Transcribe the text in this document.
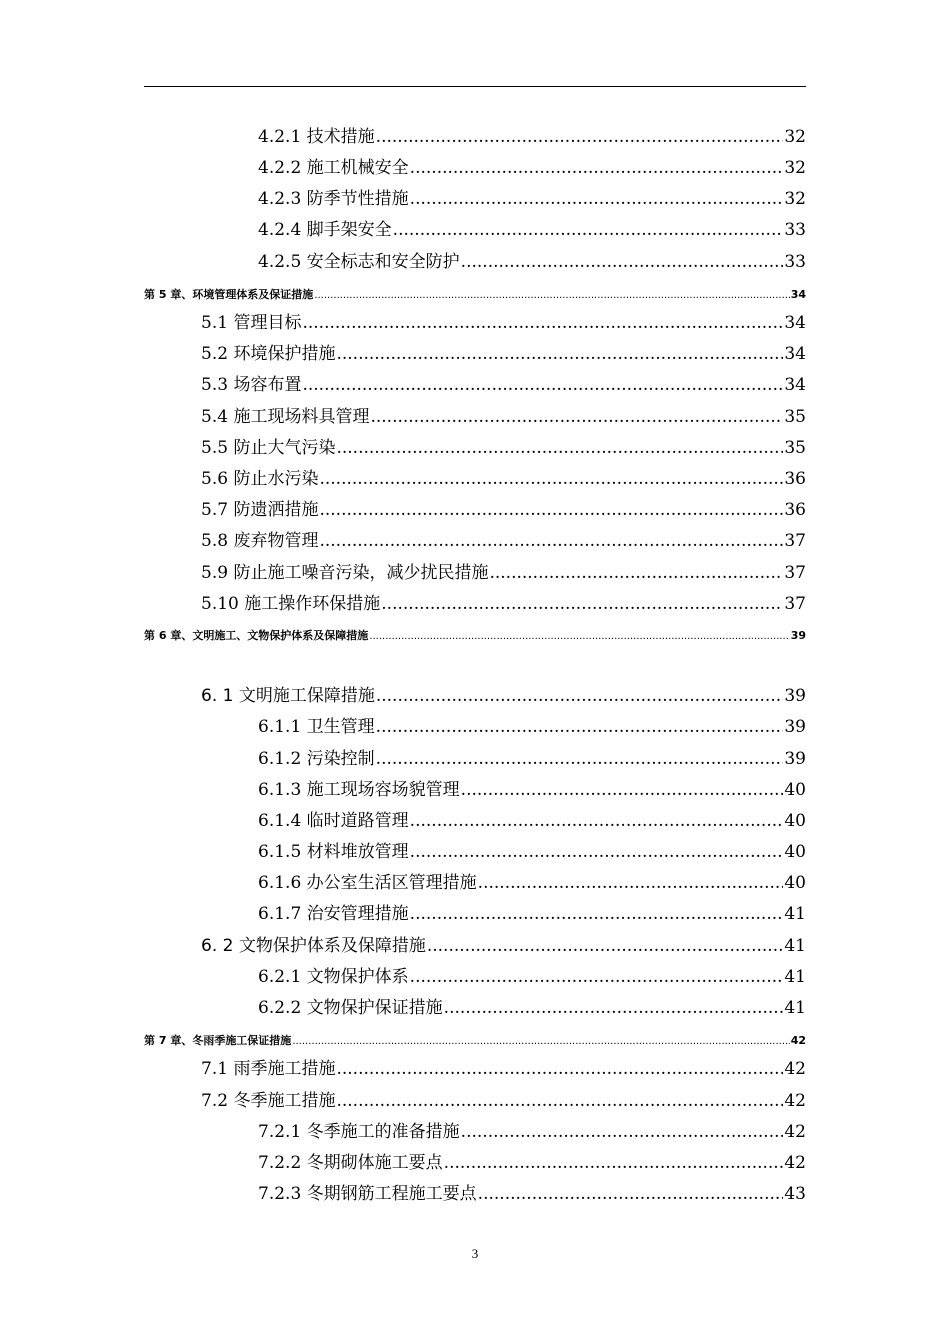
4.2.1 技术措施 .....	32
4.2.2 施工机械安全 .....	32
4.2.3 防季节性措施 .....	32
4.2.4 脚手架安全 .....	33
4.2.5 安全标志和安全防护 .....	33
第 5 章、环境管理体系及保证措施 .....	34
5.1 管理目标 .....	34
5.2 环境保护措施 .....	34
5.3 场容布置 .....	34
5.4 施工现场料具管理 .....	35
5.5 防止大气污染 .....	35
5.6 防止水污染 .....	36
5.7 防遗洒措施 .....	36
5.8 废弃物管理 .....	37
5.9 防止施工噪音污染，减少扰民措施 .....	37
5.10 施工操作环保措施 .....	37
第 6 章、文明施工、文物保护体系及保障措施 .....	39
6. 1 文明施工保障措施 .....	39
6.1.1 卫生管理 .....	39
6.1.2 污染控制 .....	39
6.1.3 施工现场容场貌管理 .....	40
6.1.4 临时道路管理 .....	40
6.1.5 材料堆放管理 .....	40
6.1.6 办公室生活区管理措施 .....	40
6.1.7 治安管理措施 .....	41
6. 2 文物保护体系及保障措施 .....	41
6.2.1 文物保护体系 .....	41
6.2.2 文物保护保证措施 .....	41
第 7 章、冬雨季施工保证措施 .....	42
7.1 雨季施工措施 .....	42
7.2 冬季施工措施 .....	42
7.2.1 冬季施工的准备措施 .....	42
7.2.2 冬期砌体施工要点 .....	42
7.2.3 冬期钢筋工程施工要点 .....	43
3
